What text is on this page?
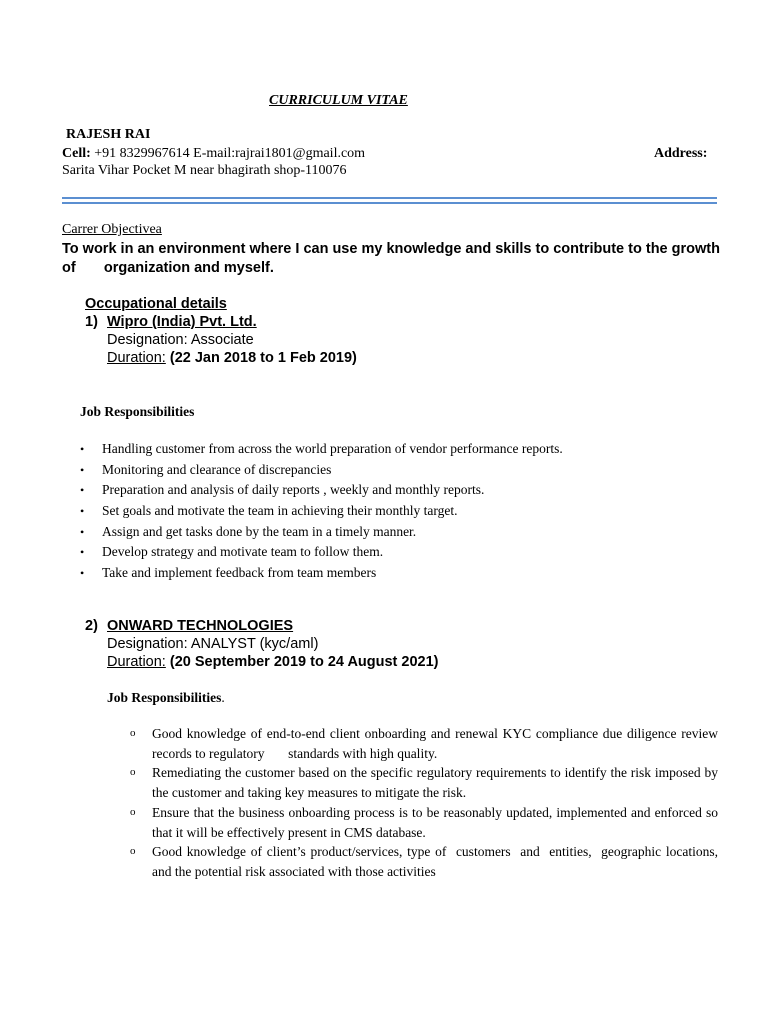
CURRICULUM VITAE
RAJESH RAI
Cell: +91 8329967614 E-mail:rajrai1801@gmail.com	Address:
Sarita Vihar Pocket M near bhagirath shop-110076
Carrer Objectivea
To work in an environment where I can use my knowledge and skills to contribute to the growth  of       organization and myself.
Occupational details
1) Wipro (India) Pvt. Ltd.
Designation: Associate
Duration: (22 Jan 2018 to 1 Feb 2019)
Job Responsibilities
• Handling customer from across the world preparation of vendor performance reports.
• Monitoring and clearance of discrepancies
• Preparation and analysis of daily reports , weekly and monthly reports.
• Set goals and motivate the team in achieving their monthly target.
• Assign and get tasks done by the team in a timely manner.
• Develop strategy and motivate team to follow them.
• Take and implement feedback from team members
2) ONWARD TECHNOLOGIES
Designation: ANALYST (kyc/aml)
Duration: (20 September 2019 to 24 August 2021)
Job Responsibilities.
o Good knowledge of end-to-end client onboarding and renewal KYC compliance due diligence review records to regulatory       standards with high quality.
o Remediating the customer based on the specific regulatory requirements to identify the risk imposed by the customer and taking key measures to mitigate the risk.
o Ensure that the business onboarding process is to be reasonably updated, implemented and enforced so that it will be effectively present in CMS database.
o Good knowledge of client’s product/services, type of  customers  and  entities,  geographic locations, and the potential risk associated with those activities
